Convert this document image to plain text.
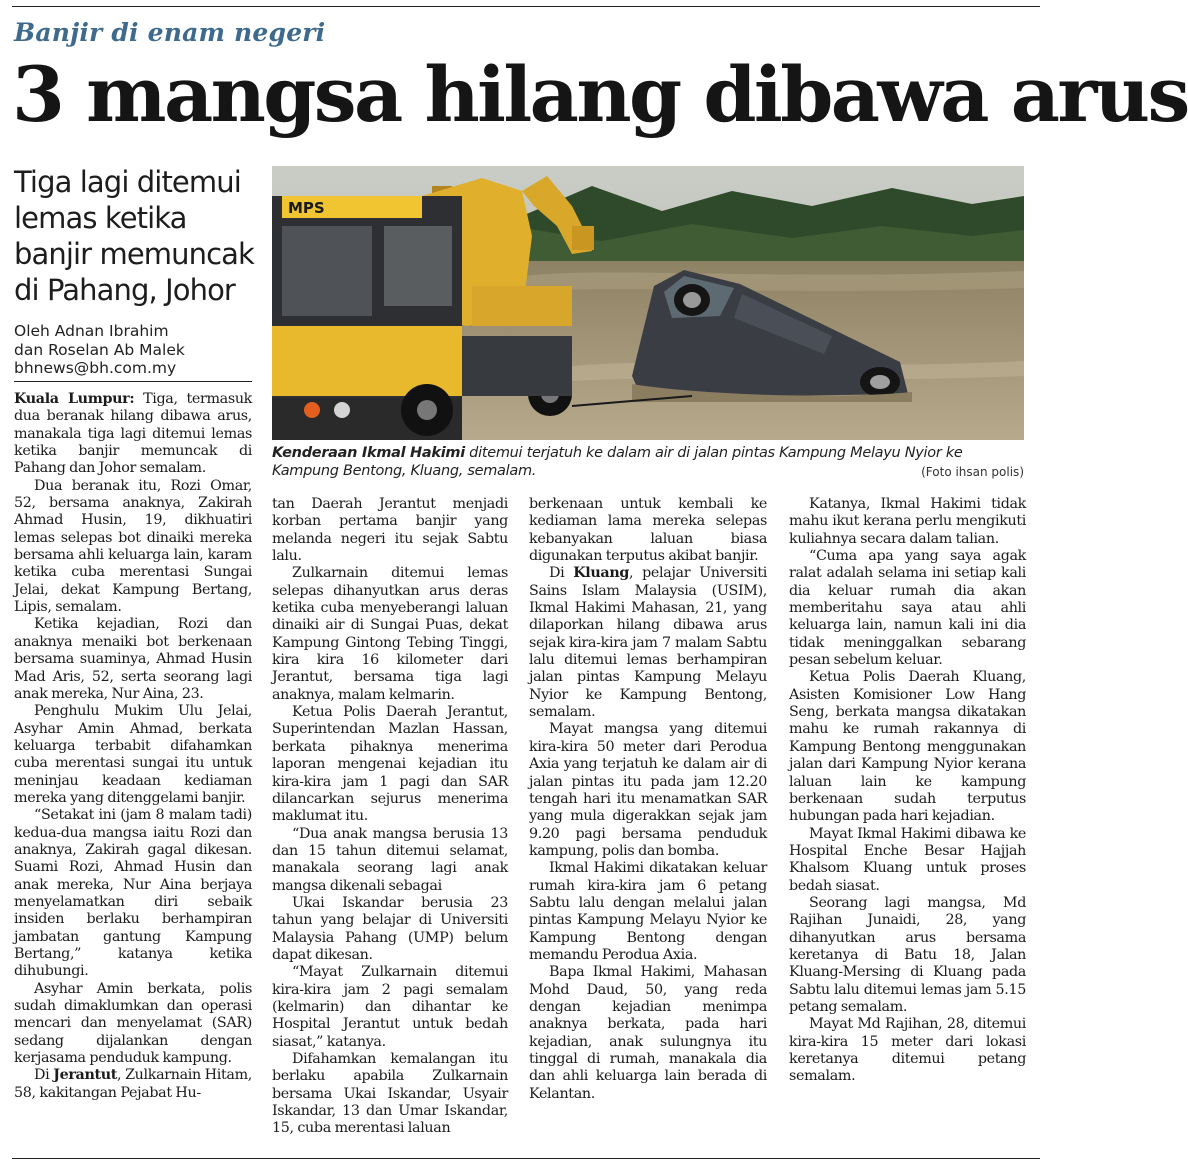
Banjir di enam negeri
3 mangsa hilang dibawa arus
Tiga lagi ditemui lemas ketika banjir memuncak di Pahang, Johor
Oleh Adnan Ibrahim
dan Roselan Ab Malek
bhnews@bh.com.my
MPS
Kenderaan Ikmal Hakimi ditemui terjatuh ke dalam air di jalan pintas Kampung Melayu Nyior ke Kampung Bentong, Kluang, semalam.	(Foto ihsan polis)

Kuala Lumpur: Tiga, termasuk dua beranak hilang dibawa arus, manakala tiga lagi ditemui lemas ketika banjir memuncak di Pahang dan Johor semalam.

Dua beranak itu, Rozi Omar, 52, bersama anaknya, Zakirah Ahmad Husin, 19, dikhuatiri lemas selepas bot dinaiki mereka bersama ahli keluarga lain, karam ketika cuba merentasi Sungai Jelai, dekat Kampung Bertang, Lipis, semalam.

Ketika kejadian, Rozi dan anaknya menaiki bot berkenaan bersama suaminya, Ahmad Husin Mad Aris, 52, serta seorang lagi anak mereka, Nur Aina, 23.

Penghulu Mukim Ulu Jelai, Asyhar Amin Ahmad, berkata keluarga terbabit difahamkan cuba merentasi sungai itu untuk meninjau keadaan kediaman mereka yang ditenggelami banjir.

“Setakat ini (jam 8 malam tadi) kedua-dua mangsa iaitu Rozi dan anaknya, Zakirah gagal dikesan. Suami Rozi, Ahmad Husin dan anak mereka, Nur Aina berjaya menyelamatkan diri sebaik insiden berlaku berhampiran jambatan gantung Kampung Bertang,” katanya ketika dihubungi.

Asyhar Amin berkata, polis sudah dimaklumkan dan operasi mencari dan menyelamat (SAR) sedang dijalankan dengan kerjasama penduduk kampung.

Di Jerantut, Zulkarnain Hitam, 58, kakitangan Pejabat Hu-

tan Daerah Jerantut menjadi korban pertama banjir yang melanda negeri itu sejak Sabtu lalu.

Zulkarnain ditemui lemas selepas dihanyutkan arus deras ketika cuba menyeberangi laluan dinaiki air di Sungai Puas, dekat Kampung Gintong Tebing Tinggi, kira kira 16 kilometer dari Jerantut, bersama tiga lagi anaknya, malam kelmarin.

Ketua Polis Daerah Jerantut, Superintendan Mazlan Hassan, berkata pihaknya menerima laporan mengenai kejadian itu kira-kira jam 1 pagi dan SAR dilancarkan sejurus menerima maklumat itu.

“Dua anak mangsa berusia 13 dan 15 tahun ditemui selamat, manakala seorang lagi anak mangsa dikenali sebagai

Ukai Iskandar berusia 23 tahun yang belajar di Universiti Malaysia Pahang (UMP) belum dapat dikesan.

“Mayat Zulkarnain ditemui kira-kira jam 2 pagi semalam (kelmarin) dan dihantar ke Hospital Jerantut untuk bedah siasat,” katanya.

Difahamkan kemalangan itu berlaku apabila Zulkarnain bersama Ukai Iskandar, Usyair Iskandar, 13 dan Umar Iskandar, 15, cuba merentasi laluan

berkenaan untuk kembali ke kediaman lama mereka selepas kebanyakan laluan biasa digunakan terputus akibat banjir.

Di Kluang, pelajar Universiti Sains Islam Malaysia (USIM), Ikmal Hakimi Mahasan, 21, yang dilaporkan hilang dibawa arus sejak kira-kira jam 7 malam Sabtu lalu ditemui lemas berhampiran jalan pintas Kampung Melayu Nyior ke Kampung Bentong, semalam.

Mayat mangsa yang ditemui kira-kira 50 meter dari Perodua Axia yang terjatuh ke dalam air di jalan pintas itu pada jam 12.20 tengah hari itu menamatkan SAR yang mula digerakkan sejak jam 9.20 pagi bersama penduduk kampung, polis dan bomba.

Ikmal Hakimi dikatakan keluar rumah kira-kira jam 6 petang Sabtu lalu dengan melalui jalan pintas Kampung Melayu Nyior ke Kampung Bentong dengan memandu Perodua Axia.

Bapa Ikmal Hakimi, Mahasan Mohd Daud, 50, yang reda dengan kejadian menimpa anaknya berkata, pada hari kejadian, anak sulungnya itu tinggal di rumah, manakala dia dan ahli keluarga lain berada di Kelantan.

Katanya, Ikmal Hakimi tidak mahu ikut kerana perlu mengikuti kuliahnya secara dalam talian.

“Cuma apa yang saya agak ralat adalah selama ini setiap kali dia keluar rumah dia akan memberitahu saya atau ahli keluarga lain, namun kali ini dia tidak meninggalkan sebarang pesan sebelum keluar.

Ketua Polis Daerah Kluang, Asisten Komisioner Low Hang Seng, berkata mangsa dikatakan mahu ke rumah rakannya di Kampung Bentong menggunakan jalan dari Kampung Nyior kerana laluan lain ke kampung berkenaan sudah terputus hubungan pada hari kejadian.

Mayat Ikmal Hakimi dibawa ke Hospital Enche Besar Hajjah Khalsom Kluang untuk proses bedah siasat.

Seorang lagi mangsa, Md Rajihan Junaidi, 28, yang dihanyutkan arus bersama keretanya di Batu 18, Jalan Kluang-Mersing di Kluang pada Sabtu lalu ditemui lemas jam 5.15 petang semalam.

Mayat Md Rajihan, 28, ditemui kira-kira 15 meter dari lokasi keretanya ditemui petang semalam.
